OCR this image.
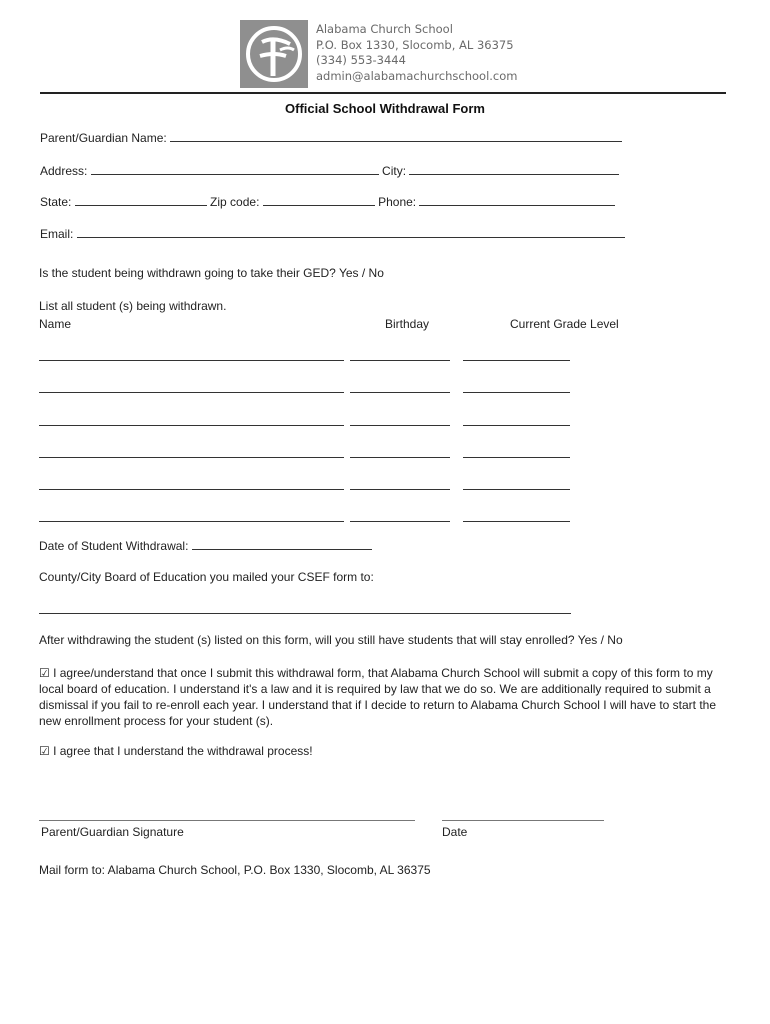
Alabama Church School
P.O. Box 1330, Slocomb, AL 36375
(334) 553-3444
admin@alabamachurchschool.com
Official School Withdrawal Form
Parent/Guardian Name:
Address:	City:
State:	Zip code:	Phone:
Email:
Is the student being withdrawn going to take their GED? Yes / No
List all student (s) being withdrawn.
Name	Birthday	Current Grade Level
Date of Student Withdrawal:
County/City Board of Education you mailed your CSEF form to:
After withdrawing the student (s) listed on this form, will you still have students that will stay enrolled? Yes / No
☑ I agree/understand that once I submit this withdrawal form, that Alabama Church School will submit a copy of this form to my local board of education. I understand it's a law and it is required by law that we do so. We are additionally required to submit a dismissal if you fail to re-enroll each year. I understand that if I decide to return to Alabama Church School I will have to start the new enrollment process for your student (s).
☑ I agree that I understand the withdrawal process!
Parent/Guardian Signature	Date
Mail form to: Alabama Church School, P.O. Box 1330, Slocomb, AL 36375
